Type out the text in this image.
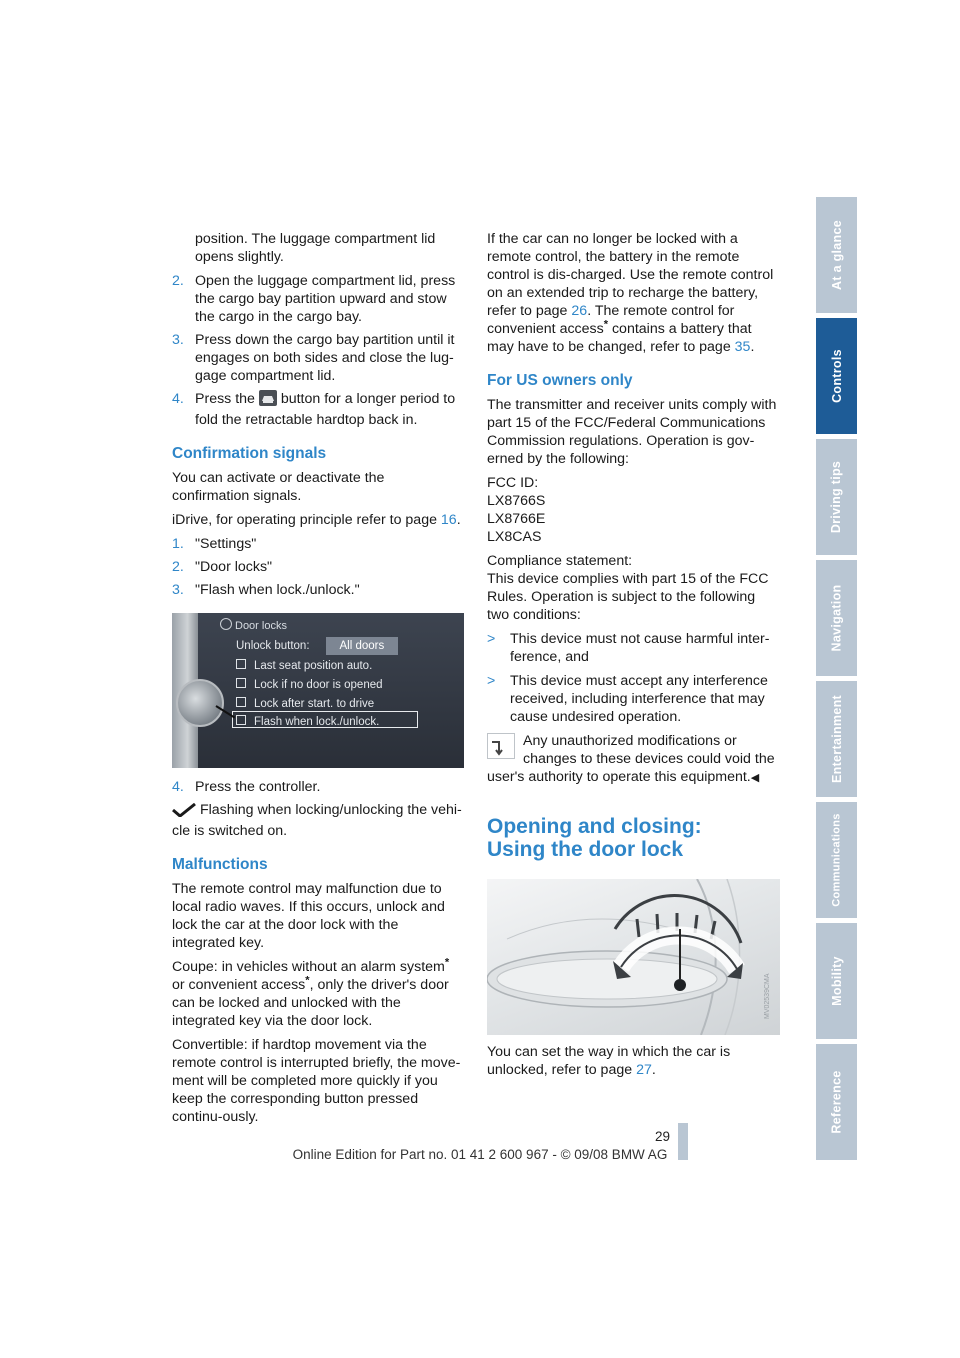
position. The luggage compartment lid opens slightly.

2. Open the luggage compartment lid, press the cargo bay partition upward and stow the cargo in the cargo bay.
3. Press down the cargo bay partition until it engages on both sides and close the lug-gage compartment lid.
4. Press the  button for a longer period to fold the retractable hardtop back in.
Confirmation signals

You can activate or deactivate the confirmation signals.

iDrive, for operating principle refer to page 16.

1. "Settings"
2. "Door locks"
3. "Flash when lock./unlock."
Door locks
Unlock button:	All doors
Last seat position auto.
Lock if no door is opened
Lock after start. to drive
Flash when lock./unlock.
4. Press the controller.

Flashing when locking/unlocking the vehi-cle is switched on.

Malfunctions

The remote control may malfunction due to local radio waves. If this occurs, unlock and lock the car at the door lock with the integrated key.

Coupe: in vehicles without an alarm system* or convenient access*, only the driver's door can be locked and unlocked with the integrated key via the door lock.

Convertible: if hardtop movement via the remote control is interrupted briefly, the move-ment will be completed more quickly if you keep the corresponding button pressed continu-ously.

If the car can no longer be locked with a remote control, the battery in the remote control is dis-charged. Use the remote control on an extended trip to recharge the battery, refer to page 26. The remote control for convenient access* contains a battery that may have to be changed, refer to page 35.

For US owners only

The transmitter and receiver units comply with part 15 of the FCC/Federal Communications Commission regulations. Operation is gov-erned by the following:

FCC ID:
LX8766S
LX8766E
LX8CAS

Compliance statement:
This device complies with part 15 of the FCC Rules. Operation is subject to the following two conditions:

>	This device must not cause harmful inter-ference, and
>	This device must accept any interference received, including interference that may cause undesired operation.
Any unauthorized modifications or changes to these devices could void the
user's authority to operate this equipment.◀
Opening and closing:
Using the door lock
MV02539CMA

You can set the way in which the car is unlocked, refer to page 27.

At a glance
Controls
Driving tips
Navigation
Entertainment
Communications
Mobility
Reference
29
Online Edition for Part no. 01 41 2 600 967 - © 09/08 BMW AG
